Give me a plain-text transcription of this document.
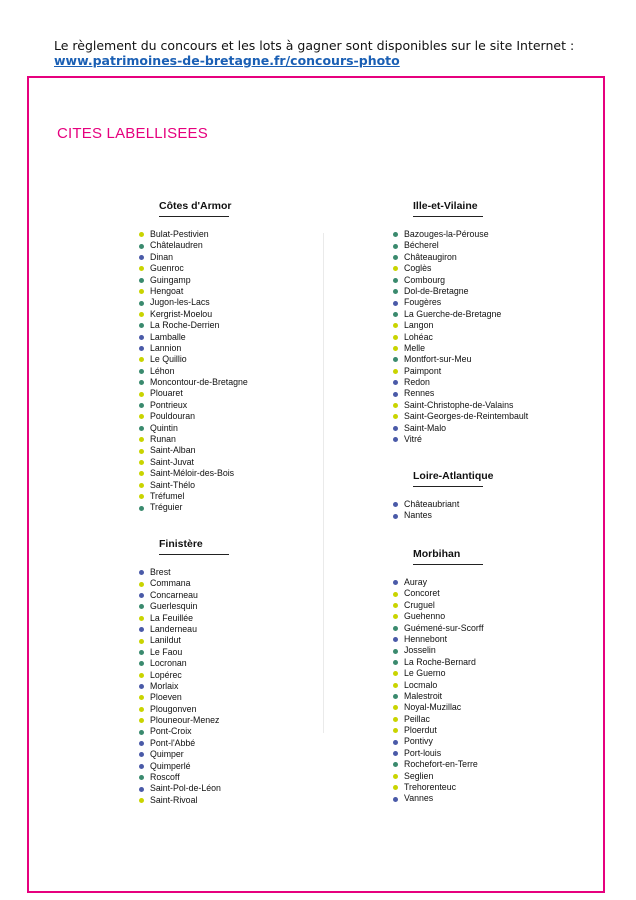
Le règlement du concours et les lots à gagner sont disponibles sur le site Internet :
www.patrimoines-de-bretagne.fr/concours-photo
CITES LABELLISEES
Côtes d'Armor
Bulat-Pestivien
Châtelaudren
Dinan
Guenroc
Guingamp
Hengoat
Jugon-les-Lacs
Kergrist-Moelou
La Roche-Derrien
Lamballe
Lannion
Le Quillio
Léhon
Moncontour-de-Bretagne
Plouaret
Pontrieux
Pouldouran
Quintin
Runan
Saint-Alban
Saint-Juvat
Saint-Méloir-des-Bois
Saint-Thélo
Tréfumel
Tréguier
Finistère
Brest
Commana
Concarneau
Guerlesquin
La Feuillée
Landerneau
Lanildut
Le Faou
Locronan
Lopérec
Morlaix
Ploeven
Plougonven
Plouneour-Menez
Pont-Croix
Pont-l'Abbé
Quimper
Quimperlé
Roscoff
Saint-Pol-de-Léon
Saint-Rivoal
Ille-et-Vilaine
Bazouges-la-Pérouse
Bécherel
Châteaugiron
Coglès
Combourg
Dol-de-Bretagne
Fougères
La Guerche-de-Bretagne
Langon
Lohéac
Melle
Montfort-sur-Meu
Paimpont
Redon
Rennes
Saint-Christophe-de-Valains
Saint-Georges-de-Reintembault
Saint-Malo
Vitré
Loire-Atlantique
Châteaubriant
Nantes
Morbihan
Auray
Concoret
Cruguel
Guehenno
Guémené-sur-Scorff
Hennebont
Josselin
La Roche-Bernard
Le Guerno
Locmalo
Malestroit
Noyal-Muzillac
Peillac
Ploerdut
Pontivy
Port-louis
Rochefort-en-Terre
Seglien
Trehorenteuc
Vannes
